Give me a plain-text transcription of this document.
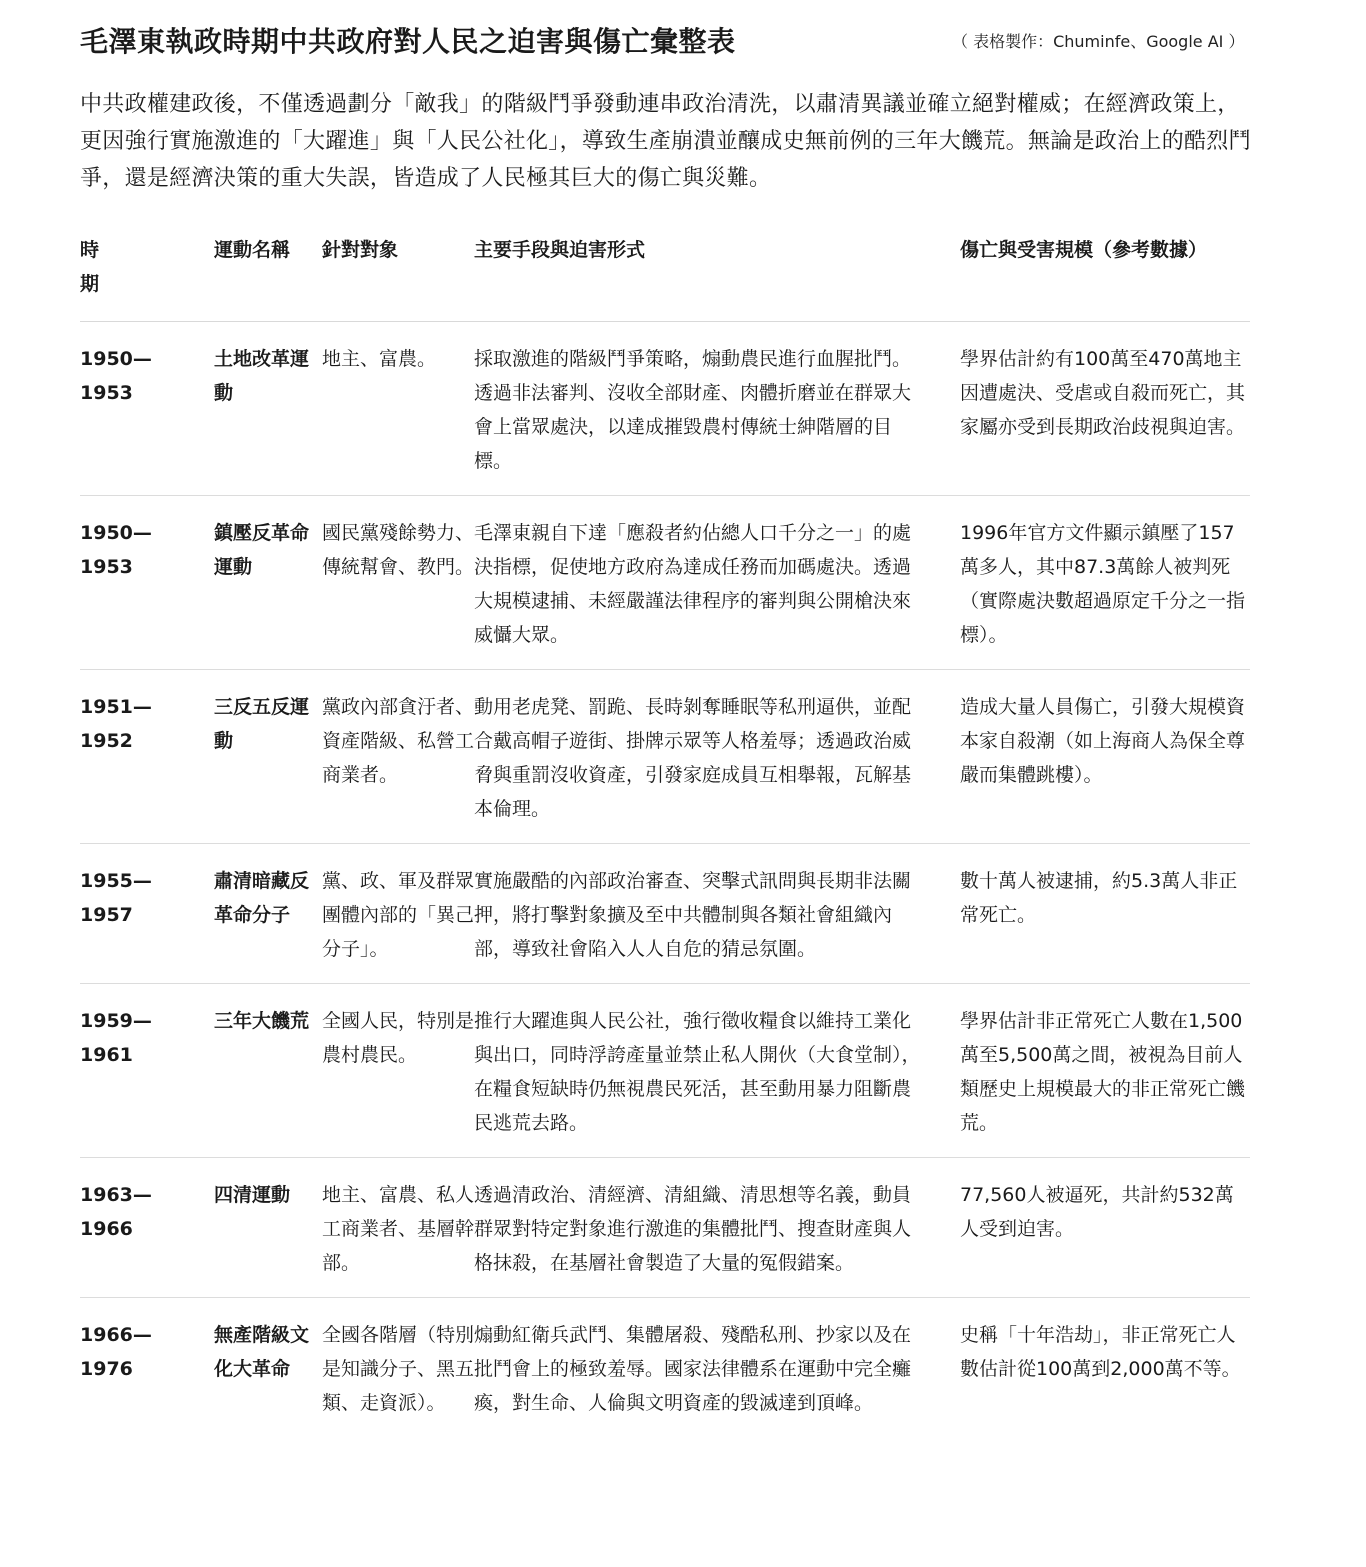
毛澤東執政時期中共政府對人民之迫害與傷亡彙整表	（ 表格製作：Chuminfe、Google AI ）

中共政權建政後，不僅透過劃分「敵我」的階級鬥爭發動連串政治清洗，以肅清異議並確立絕對權威；在經濟政策上，更因強行實施激進的「大躍進」與「人民公社化」，導致生產崩潰並釀成史無前例的三年大饑荒。無論是政治上的酷烈鬥爭，還是經濟決策的重大失誤，皆造成了人民極其巨大的傷亡與災難。

時期	運動名稱	針對對象	主要手段與迫害形式	傷亡與受害規模（參考數據）

1950—
1953	土地改革運動	地主、富農。	採取激進的階級鬥爭策略，煽動農民進行血腥批鬥。透過非法審判、沒收全部財產、肉體折磨並在群眾大會上當眾處決，以達成摧毀農村傳統士紳階層的目標。	學界估計約有100萬至470萬地主因遭處決、受虐或自殺而死亡，其家屬亦受到長期政治歧視與迫害。

1950—
1953	鎮壓反革命運動	國民黨殘餘勢力、傳統幫會、教門。	毛澤東親自下達「應殺者約佔總人口千分之一」的處決指標，促使地方政府為達成任務而加碼處決。透過大規模逮捕、未經嚴謹法律程序的審判與公開槍決來威懾大眾。	1996年官方文件顯示鎮壓了157萬多人，其中87.3萬餘人被判死（實際處決數超過原定千分之一指標）。

1951—
1952	三反五反運動	黨政內部貪汙者、資產階級、私營工商業者。	動用老虎凳、罰跪、長時剝奪睡眠等私刑逼供，並配合戴高帽子遊街、掛牌示眾等人格羞辱；透過政治威脅與重罰沒收資產，引發家庭成員互相舉報，瓦解基本倫理。	造成大量人員傷亡，引發大規模資本家自殺潮（如上海商人為保全尊嚴而集體跳樓）。

1955—
1957	肅清暗藏反革命分子	黨、政、軍及群眾團體內部的「異己分子」。	實施嚴酷的內部政治審查、突擊式訊問與長期非法關押，將打擊對象擴及至中共體制與各類社會組織內部，導致社會陷入人人自危的猜忌氛圍。	數十萬人被逮捕，約5.3萬人非正常死亡。

1959—
1961	三年大饑荒	全國人民，特別是農村農民。	推行大躍進與人民公社，強行徵收糧食以維持工業化與出口，同時浮誇產量並禁止私人開伙（大食堂制），在糧食短缺時仍無視農民死活，甚至動用暴力阻斷農民逃荒去路。	學界估計非正常死亡人數在1,500萬至5,500萬之間，被視為目前人類歷史上規模最大的非正常死亡饑荒。

1963—
1966	四清運動	地主、富農、私人工商業者、基層幹部。	透過清政治、清經濟、清組織、清思想等名義，動員群眾對特定對象進行激進的集體批鬥、搜查財產與人格抹殺，在基層社會製造了大量的冤假錯案。	77,560人被逼死，共計約532萬人受到迫害。

1966—
1976	無產階級文化大革命	全國各階層（特別是知識分子、黑五類、走資派）。	煽動紅衛兵武鬥、集體屠殺、殘酷私刑、抄家以及在批鬥會上的極致羞辱。國家法律體系在運動中完全癱瘓，對生命、人倫與文明資產的毀滅達到頂峰。	史稱「十年浩劫」，非正常死亡人數估計從100萬到2,000萬不等。
